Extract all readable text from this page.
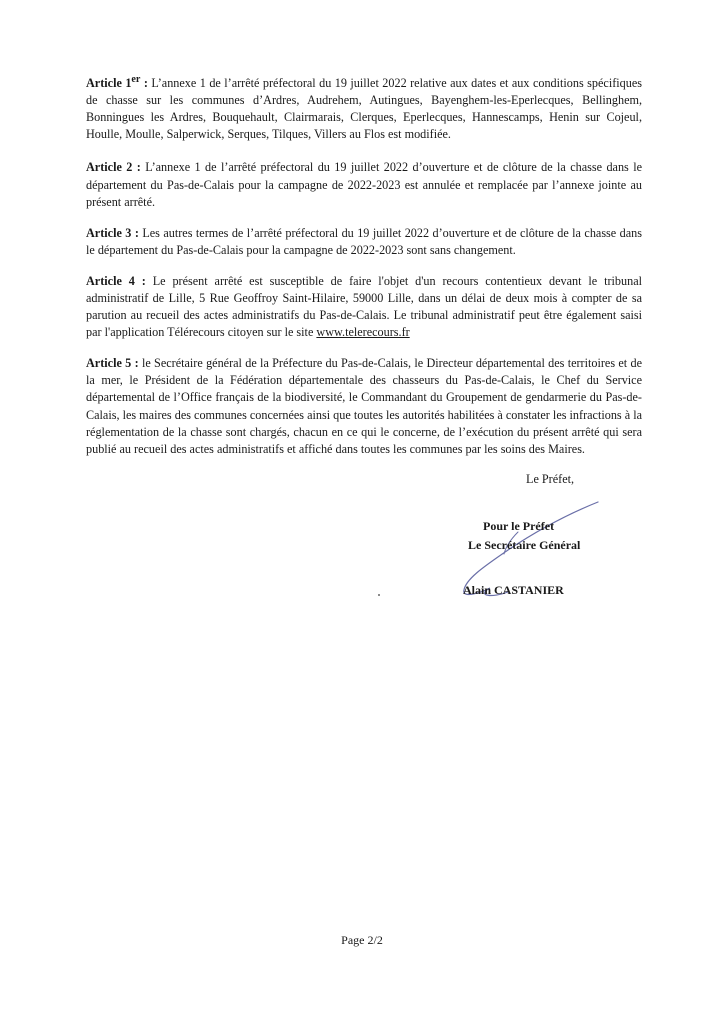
Article 1er : L’annexe 1 de l’arrêté préfectoral du 19 juillet 2022 relative aux dates et aux conditions spécifiques de chasse sur les communes d’Ardres, Audrehem, Autingues, Bayenghem-les-Eperlecques, Bellinghem, Bonningues les Ardres, Bouquehault, Clairmarais, Clerques, Eperlecques, Hannescamps, Henin sur Cojeul, Houlle, Moulle, Salperwick, Serques, Tilques, Villers au Flos est modifiée.

Article 2 : L’annexe 1 de l’arrêté préfectoral du 19 juillet 2022 d’ouverture et de clôture de la chasse dans le département du Pas-de-Calais pour la campagne de 2022-2023 est annulée et remplacée par l’annexe jointe au présent arrêté.

Article 3 : Les autres termes de l’arrêté préfectoral du 19 juillet 2022 d’ouverture et de clôture de la chasse dans le département du Pas-de-Calais pour la campagne de 2022-2023 sont sans changement.

Article 4 : Le présent arrêté est susceptible de faire l'objet d'un recours contentieux devant le tribunal administratif de Lille, 5 Rue Geoffroy Saint-Hilaire, 59000 Lille, dans un délai de deux mois à compter de sa parution au recueil des actes administratifs du Pas-de-Calais. Le tribunal administratif peut être également saisi par l'application Télérecours citoyen sur le site www.telerecours.fr

Article 5 : le Secrétaire général de la Préfecture du Pas-de-Calais, le Directeur départemental des territoires et de la mer, le Président de la Fédération départementale des chasseurs du Pas-de-Calais, le Chef du Service départemental de l’Office français de la biodiversité, le Commandant du Groupement de gendarmerie du Pas-de-Calais, les maires des communes concernées ainsi que toutes les autorités habilitées à constater les infractions à la réglementation de la chasse sont chargés, chacun en ce qui le concerne, de l’exécution du présent arrêté qui sera publié au recueil des actes administratifs et affiché dans toutes les communes par les soins des Maires.

Le Préfet,
Pour le Préfet
Le Secrétaire Général
Alain CASTANIER
Page 2/2
